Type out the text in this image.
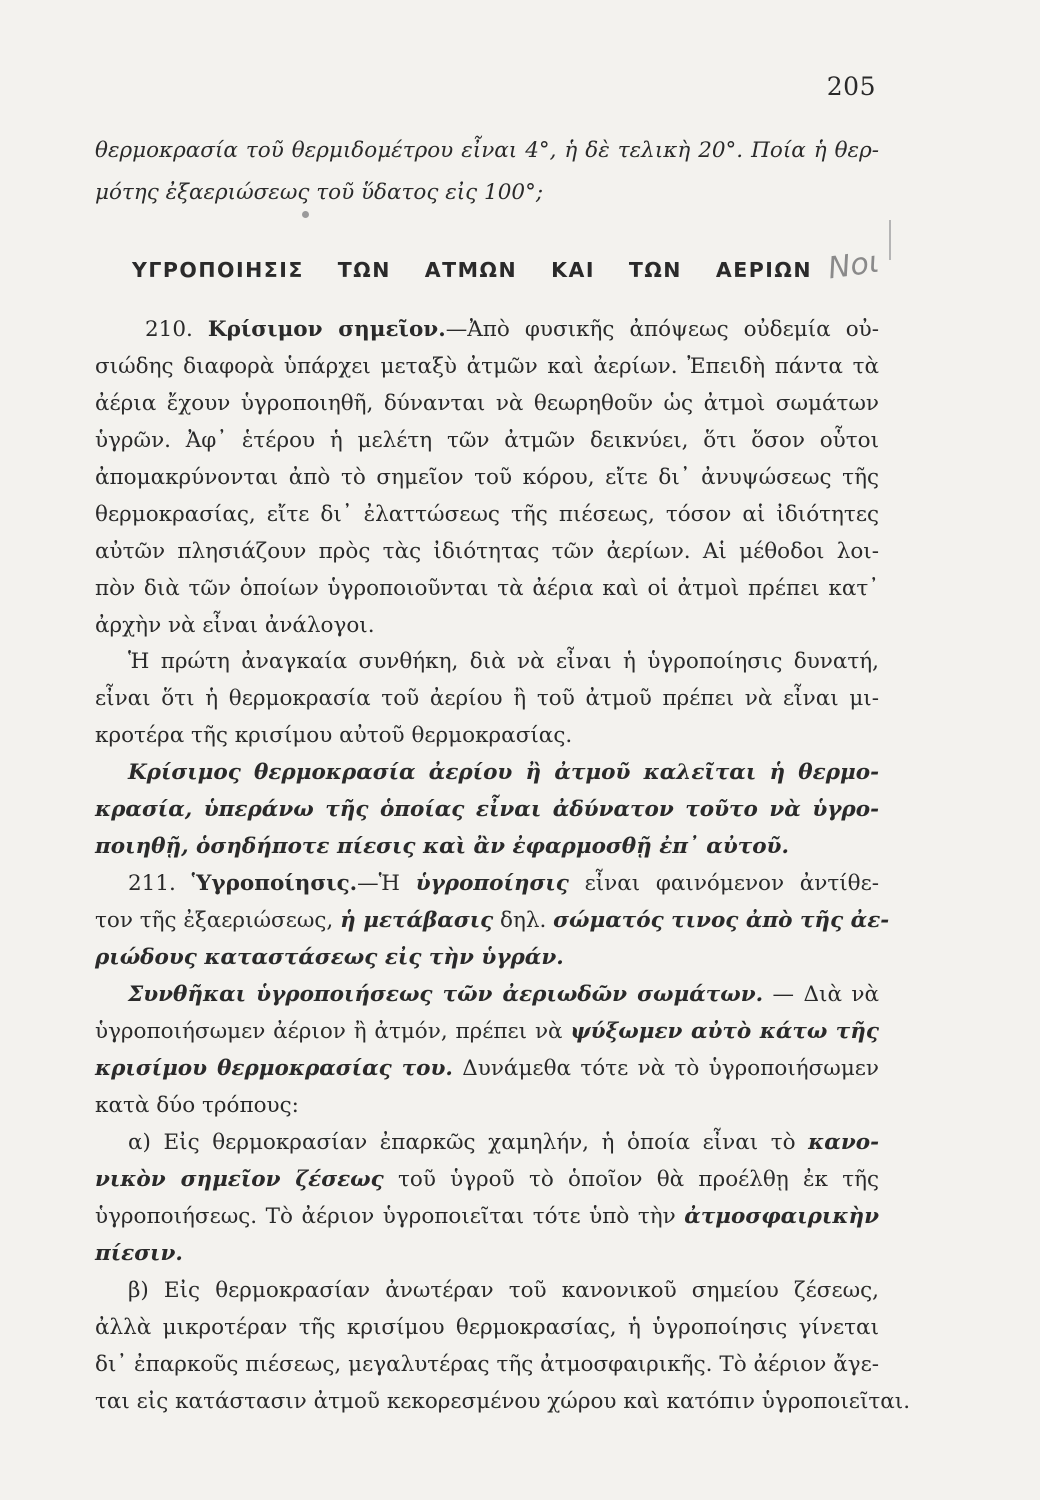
205
θερμοκρασία τοῦ θερμιδομέτρου εἶναι 4°, ἡ δὲ τελικὴ 20°. Ποία ἡ θερ-
μότης ἐξαεριώσεως τοῦ ὕδατος εἰς 100°;
ΥΓΡΟΠΟΙΗΣΙΣ ΤΩΝ ΑΤΜΩΝ ΚΑΙ ΤΩΝ ΑΕΡΙΩΝ Nοι
210. Κρίσιμον σημεῖον.—Ἀπὸ φυσικῆς ἀπόψεως οὐδεμία οὐ-
σιώδης διαφορὰ ὑπάρχει μεταξὺ ἀτμῶν καὶ ἀερίων. Ἐπειδὴ πάντα τὰ
ἀέρια ἔχουν ὑγροποιηθῆ, δύνανται νὰ θεωρηθοῦν ὡς ἀτμοὶ σωμάτων
ὑγρῶν. Ἀφ᾿ ἑτέρου ἡ μελέτη τῶν ἀτμῶν δεικνύει, ὅτι ὅσον οὗτοι
ἀπομακρύνονται ἀπὸ τὸ σημεῖον τοῦ κόρου, εἴτε δι᾿ ἀνυψώσεως τῆς
θερμοκρασίας, εἴτε δι᾿ ἐλαττώσεως τῆς πιέσεως, τόσον αἱ ἰδιότητες
αὐτῶν πλησιάζουν πρὸς τὰς ἰδιότητας τῶν ἀερίων. Αἱ μέθοδοι λοι-
πὸν διὰ τῶν ὁποίων ὑγροποιοῦνται τὰ ἀέρια καὶ οἱ ἀτμοὶ πρέπει κατ᾿
ἀρχὴν νὰ εἶναι ἀνάλογοι.
Ἡ πρώτη ἀναγκαία συνθήκη, διὰ νὰ εἶναι ἡ ὑγροποίησις δυνατή,
εἶναι ὅτι ἡ θερμοκρασία τοῦ ἀερίου ἢ τοῦ ἀτμοῦ πρέπει νὰ εἶναι μι-
κροτέρα τῆς κρισίμου αὐτοῦ θερμοκρασίας.
Κρίσιμος θερμοκρασία ἀερίου ἢ ἀτμοῦ καλεῖται ἡ θερμο-
κρασία, ὑπεράνω τῆς ὁποίας εἶναι ἀδύνατον τοῦτο νὰ ὑγρο-
ποιηθῇ, ὁσηδήποτε πίεσις καὶ ἂν ἐφαρμοσθῇ ἐπ᾿ αὐτοῦ.
211. Ὑγροποίησις.—Ἡ ὑγροποίησις εἶναι φαινόμενον ἀντίθε-
τον τῆς ἐξαεριώσεως, ἡ μετάβασις δηλ. σώματός τινος ἀπὸ τῆς ἀε-
ριώδους καταστάσεως εἰς τὴν ὑγράν.
Συνθῆκαι ὑγροποιήσεως τῶν ἀεριωδῶν σωμάτων. — Διὰ νὰ
ὑγροποιήσωμεν ἀέριον ἢ ἀτμόν, πρέπει νὰ ψύξωμεν αὐτὸ κάτω τῆς
κρισίμου θερμοκρασίας του. Δυνάμεθα τότε νὰ τὸ ὑγροποιήσωμεν
κατὰ δύο τρόπους:
α) Εἰς θερμοκρασίαν ἐπαρκῶς χαμηλήν, ἡ ὁποία εἶναι τὸ κανο-
νικὸν σημεῖον ζέσεως τοῦ ὑγροῦ τὸ ὁποῖον θὰ προέλθῃ ἐκ τῆς
ὑγροποιήσεως. Τὸ ἀέριον ὑγροποιεῖται τότε ὑπὸ τὴν ἀτμοσφαιρικὴν
πίεσιν.
β) Εἰς θερμοκρασίαν ἀνωτέραν τοῦ κανονικοῦ σημείου ζέσεως,
ἀλλὰ μικροτέραν τῆς κρισίμου θερμοκρασίας, ἡ ὑγροποίησις γίνεται
δι᾿ ἐπαρκοῦς πιέσεως, μεγαλυτέρας τῆς ἀτμοσφαιρικῆς. Τὸ ἀέριον ἄγε-
ται εἰς κατάστασιν ἀτμοῦ κεκορεσμένου χώρου καὶ κατόπιν ὑγροποιεῖται.
